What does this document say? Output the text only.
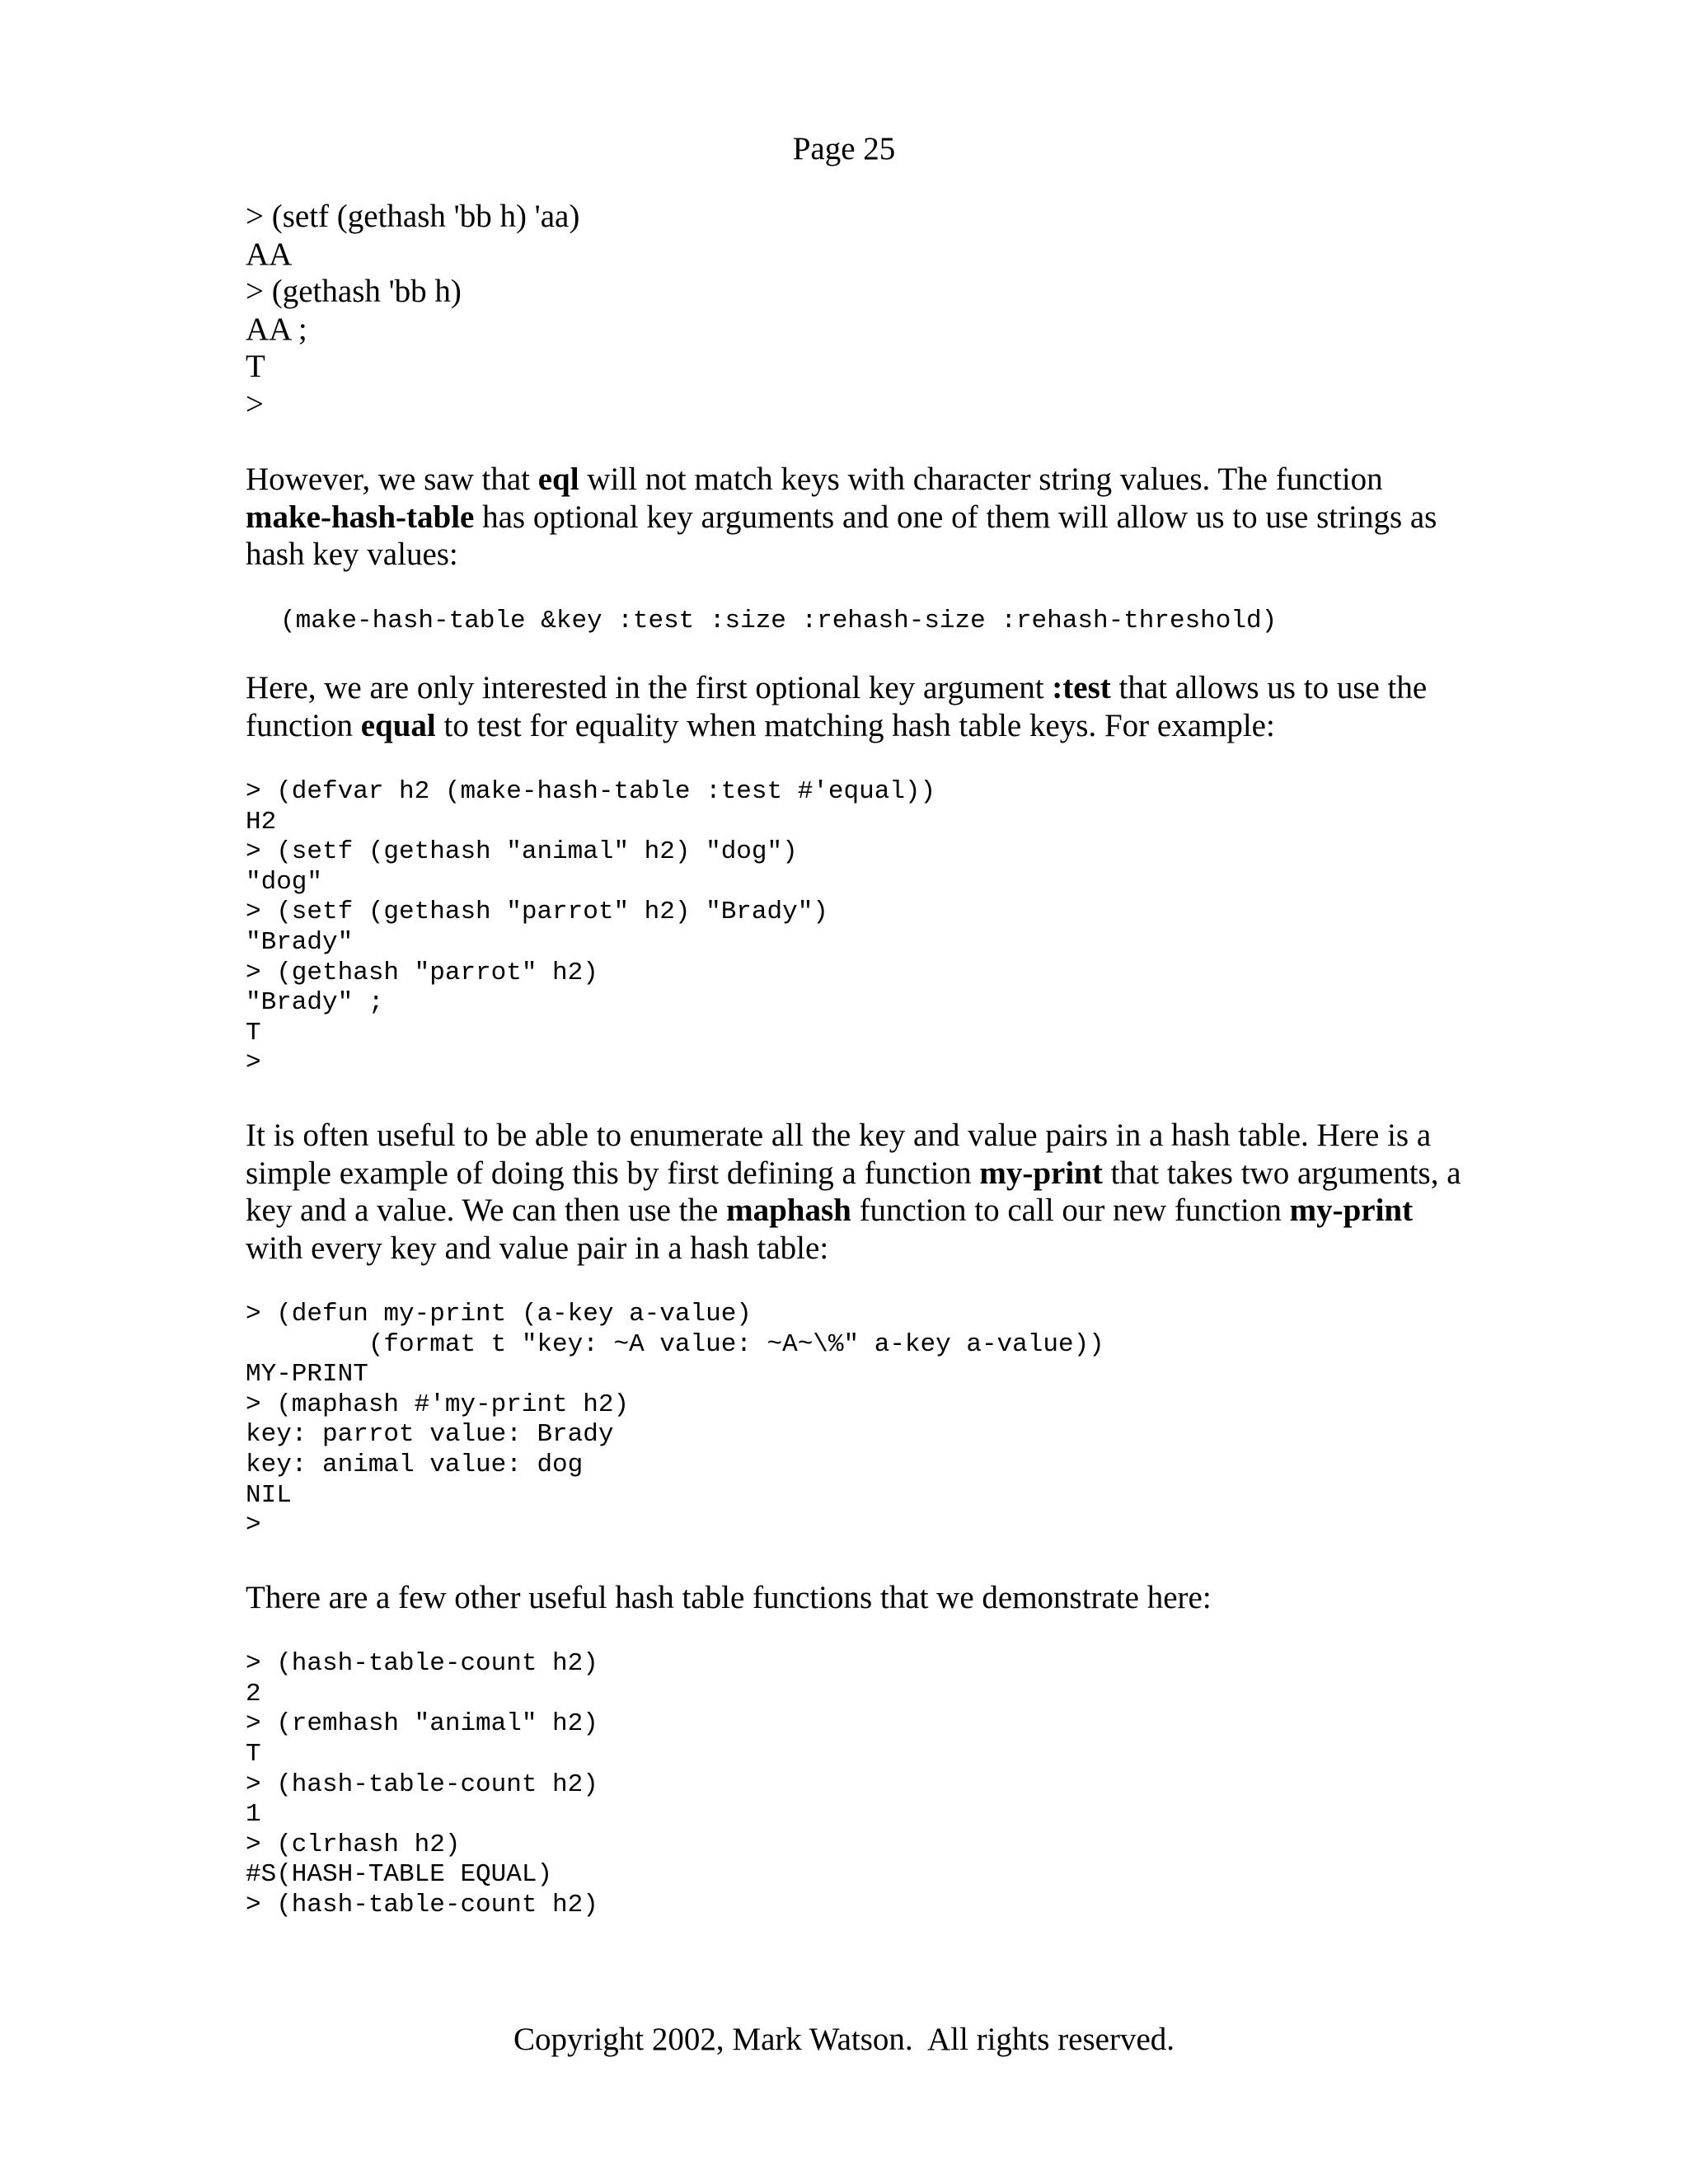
Page 25
> (setf (gethash 'bb h) 'aa)
AA
> (gethash 'bb h)
AA ;
T
>

However, we saw that eql will not match keys with character string values. The function make-hash-table has optional key arguments and one of them will allow us to use strings as hash key values:

(make-hash-table &key :test :size :rehash-size :rehash-threshold)

Here, we are only interested in the first optional key argument :test that allows us to use the function equal to test for equality when matching hash table keys. For example:

> (defvar h2 (make-hash-table :test #'equal))
H2
> (setf (gethash "animal" h2) "dog")
"dog"
> (setf (gethash "parrot" h2) "Brady")
"Brady"
> (gethash "parrot" h2)
"Brady" ;
T
>

It is often useful to be able to enumerate all the key and value pairs in a hash table. Here is a simple example of doing this by first defining a function my-print that takes two arguments, a key and a value. We can then use the maphash function to call our new function my-print with every key and value pair in a hash table:

> (defun my-print (a-key a-value)
(format t "key: ~A value: ~A~\%" a-key a-value))
MY-PRINT
> (maphash #'my-print h2)
key: parrot value: Brady
key: animal value: dog
NIL
>

There are a few other useful hash table functions that we demonstrate here:

> (hash-table-count h2)
2
> (remhash "animal" h2)
T
> (hash-table-count h2)
1
> (clrhash h2)
#S(HASH-TABLE EQUAL)
> (hash-table-count h2)
Copyright 2002, Mark Watson.  All rights reserved.
